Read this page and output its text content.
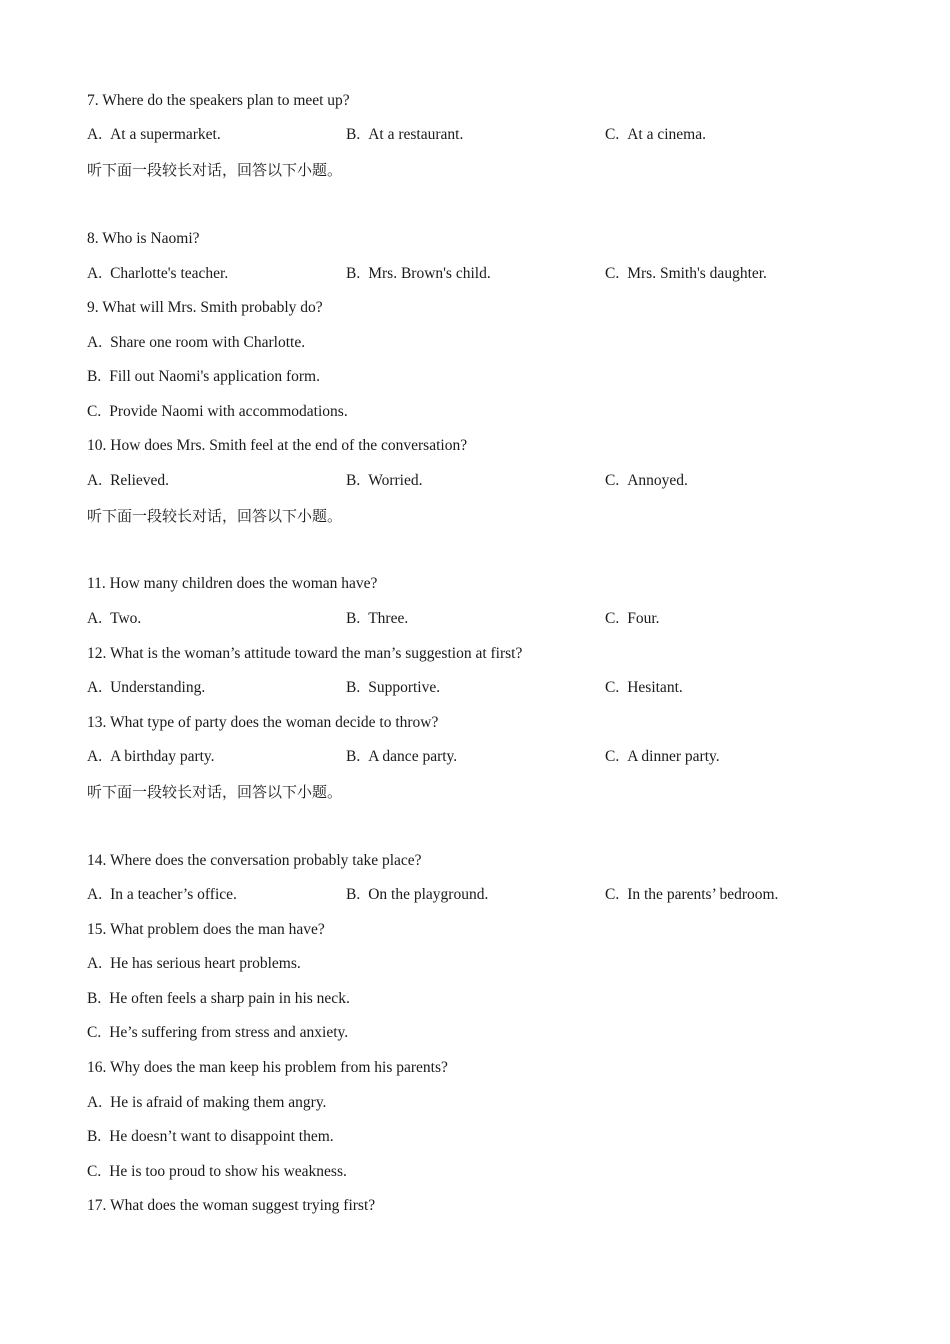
7. Where do the speakers plan to meet up?
A. At a supermarket.	B. At a restaurant.	C. At a cinema.
听下面一段较长对话，回答以下小题。
8. Who is Naomi?
A. Charlotte's teacher.	B. Mrs. Brown's child.	C. Mrs. Smith's daughter.
9. What will Mrs. Smith probably do?
A. Share one room with Charlotte.
B. Fill out Naomi's application form.
C. Provide Naomi with accommodations.
10. How does Mrs. Smith feel at the end of the conversation?
A. Relieved.	B. Worried.	C. Annoyed.
听下面一段较长对话，回答以下小题。
11. How many children does the woman have?
A. Two.	B. Three.	C. Four.
12. What is the woman’s attitude toward the man’s suggestion at first?
A. Understanding.	B. Supportive.	C. Hesitant.
13. What type of party does the woman decide to throw?
A. A birthday party.	B. A dance party.	C. A dinner party.
听下面一段较长对话，回答以下小题。
14. Where does the conversation probably take place?
A. In a teacher’s office.	B. On the playground.	C. In the parents’ bedroom.
15. What problem does the man have?
A. He has serious heart problems.
B. He often feels a sharp pain in his neck.
C. He’s suffering from stress and anxiety.
16. Why does the man keep his problem from his parents?
A. He is afraid of making them angry.
B. He doesn’t want to disappoint them.
C. He is too proud to show his weakness.
17. What does the woman suggest trying first?
